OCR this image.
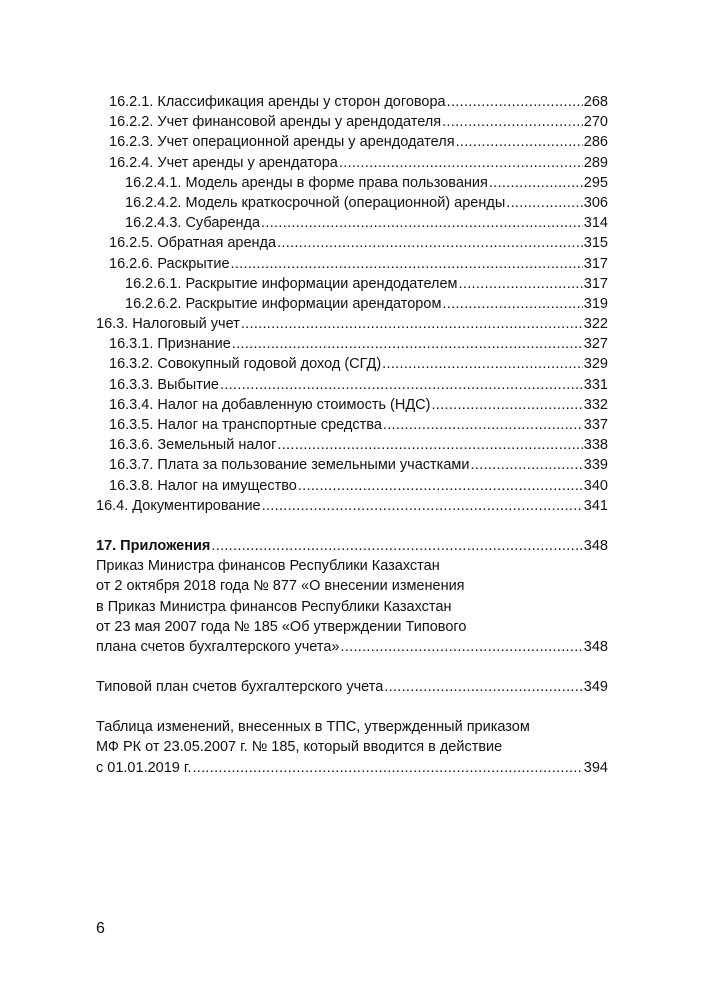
16.2.1. Классификация аренды у сторон договора .....	268
16.2.2. Учет финансовой аренды у арендодателя .....	270
16.2.3. Учет операционной аренды у арендодателя .....	286
16.2.4. Учет аренды у арендатора .....	289
16.2.4.1. Модель аренды в форме права пользования .....	295
16.2.4.2. Модель краткосрочной (операционной) аренды .....	306
16.2.4.3. Субаренда .....	314
16.2.5. Обратная аренда .....	315
16.2.6. Раскрытие .....	317
16.2.6.1. Раскрытие информации арендодателем .....	317
16.2.6.2. Раскрытие информации арендатором .....	319
16.3. Налоговый учет .....	322
16.3.1. Признание .....	327
16.3.2. Совокупный годовой доход (СГД) .....	329
16.3.3. Выбытие .....	331
16.3.4. Налог на добавленную стоимость (НДС) .....	332
16.3.5. Налог на транспортные средства .....	337
16.3.6. Земельный налог .....	338
16.3.7. Плата за пользование земельными участками .....	339
16.3.8. Налог на имущество .....	340
16.4. Документирование .....	341
17. Приложения .....	348
Приказ Министра финансов Республики Казахстан
от 2 октября 2018 года № 877 «О внесении изменения
в Приказ Министра финансов Республики Казахстан
от 23 мая 2007 года № 185 «Об утверждении Типового
плана счетов бухгалтерского учета» .....	348
Типовой план счетов бухгалтерского учета .....	349
Таблица изменений, внесенных в ТПС, утвержденный приказом
МФ РК от 23.05.2007 г. № 185, который вводится в действие
с 01.01.2019 г. .....	394
6
